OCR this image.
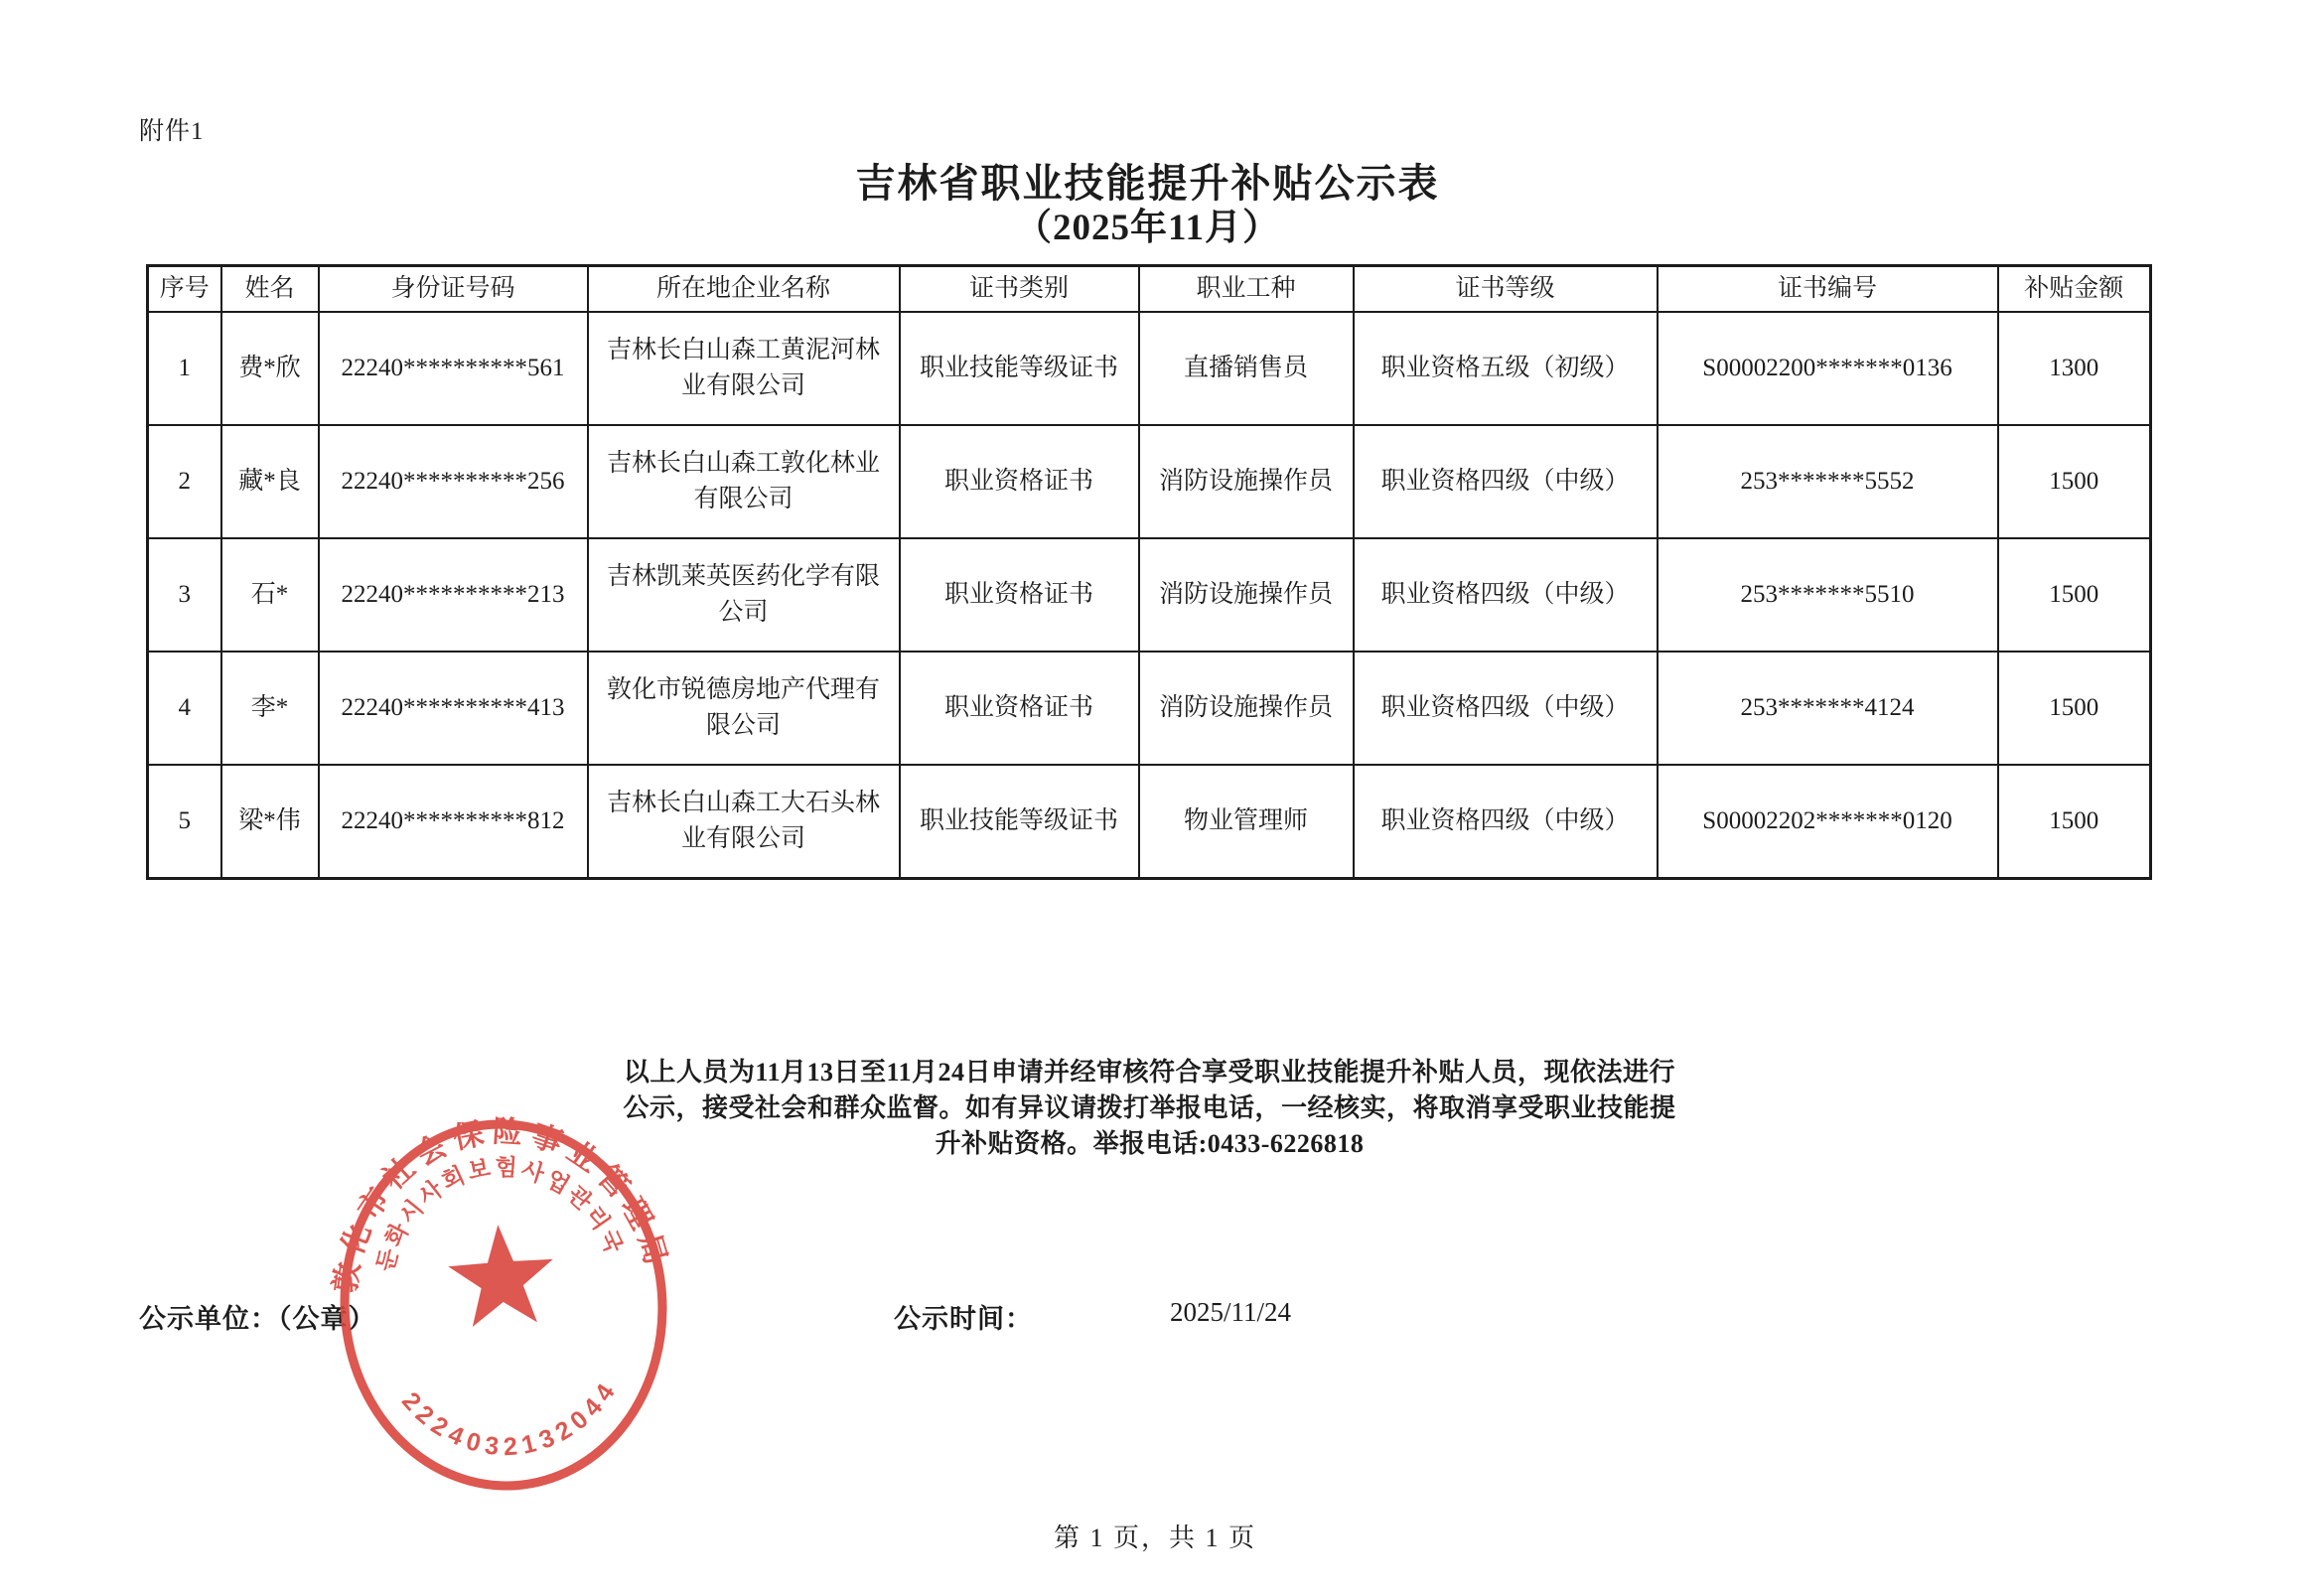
附件1
吉林省职业技能提升补贴公示表
（2025年11月）
序号	姓名	身份证号码	所在地企业名称	证书类别	职业工种	证书等级	证书编号	补贴金额
1	费*欣	22240**********561	吉林长白山森工黄泥河林业有限公司	职业技能等级证书	直播销售员	职业资格五级（初级）	S00002200*******0136	1300
2	藏*良	22240**********256	吉林长白山森工敦化林业有限公司	职业资格证书	消防设施操作员	职业资格四级（中级）	253*******5552	1500
3	石*	22240**********213	吉林凯莱英医药化学有限公司	职业资格证书	消防设施操作员	职业资格四级（中级）	253*******5510	1500
4	李*	22240**********413	敦化市锐德房地产代理有限公司	职业资格证书	消防设施操作员	职业资格四级（中级）	253*******4124	1500
5	梁*伟	22240**********812	吉林长白山森工大石头林业有限公司	职业技能等级证书	物业管理师	职业资格四级（中级）	S00002202*******0120	1500
以上人员为11月13日至11月24日申请并经审核符合享受职业技能提升补贴人员，现依法进行
公示，接受社会和群众监督。如有异议请拨打举报电话，一经核实，将取消享受职业技能提
升补贴资格。举报电话:0433-6226818
公示单位：（公章）	公示时间：	2025/11/24
敦化市社会保险事业管理局
둔화시사회보험사업관리국
2224032132044
第 1 页，共 1 页
